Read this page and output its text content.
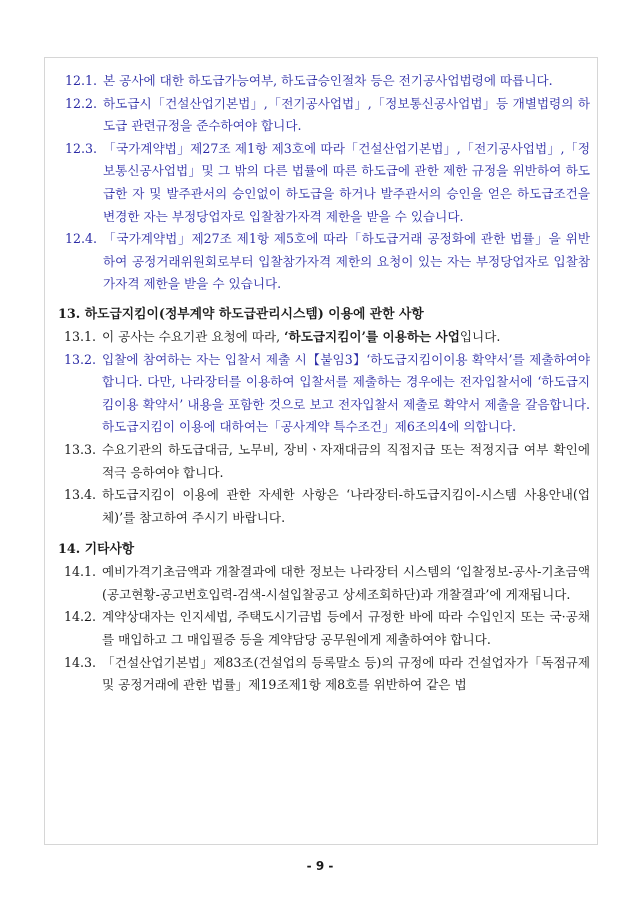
12.1. 본 공사에 대한 하도급가능여부, 하도급승인절차 등은 전기공사업법령에 따릅니다.
12.2. 하도급시「건설산업기본법」,「전기공사업법」,「정보통신공사업법」등 개별법령의 하도급 관련규정을 준수하여야 합니다.
12.3. 「국가계약법」제27조 제1항 제3호에 따라「건설산업기본법」,「전기공사업법」,「정보통신공사업법」및 그 밖의 다른 법률에 따른 하도급에 관한 제한 규정을 위반하여 하도급한 자 및 발주관서의 승인없이 하도급을 하거나 발주관서의 승인을 얻은 하도급조건을 변경한 자는 부정당업자로 입찰참가자격 제한을 받을 수 있습니다.
12.4. 「국가계약법」제27조 제1항 제5호에 따라「하도급거래 공정화에 관한 법률」을 위반하여 공정거래위원회로부터 입찰참가자격 제한의 요청이 있는 자는 부정당업자로 입찰참가자격 제한을 받을 수 있습니다.

13. 하도급지킴이(정부계약 하도급관리시스템) 이용에 관한 사항

13.1. 이 공사는 수요기관 요청에 따라, ‘하도급지킴이’를 이용하는 사업입니다.
13.2. 입찰에 참여하는 자는 입찰서 제출 시【붙임3】‘하도급지킴이이용 확약서’를 제출하여야 합니다. 다만, 나라장터를 이용하여 입찰서를 제출하는 경우에는 전자입찰서에 ‘하도급지킴이용 확약서’ 내용을 포함한 것으로 보고 전자입찰서 제출로 확약서 제출을 갈음합니다. 하도급지킴이 이용에 대하여는「공사계약 특수조건」제6조의4에 의합니다.
13.3. 수요기관의 하도급대금, 노무비, 장비ㆍ자재대금의 직접지급 또는 적정지급 여부 확인에 적극 응하여야 합니다.
13.4. 하도급지킴이 이용에 관한 자세한 사항은 ‘나라장터-하도급지킴이-시스템 사용안내(업체)’를 참고하여 주시기 바랍니다.

14. 기타사항

14.1. 예비가격기초금액과 개찰결과에 대한 정보는 나라장터 시스템의 ‘입찰정보-공사-기초금액(공고현황-공고번호입력-검색-시설입찰공고 상세조회하단)과 개찰결과’에 게재됩니다.
14.2. 계약상대자는 인지세법, 주택도시기금법 등에서 규정한 바에 따라 수입인지 또는 국·공채를 매입하고 그 매입필증 등을 계약담당 공무원에게 제출하여야 합니다.
14.3. 「건설산업기본법」제83조(건설업의 등록말소 등)의 규정에 따라 건설업자가「독점규제 및 공정거래에 관한 법률」제19조제1항 제8호를 위반하여 같은 법
- 9 -
